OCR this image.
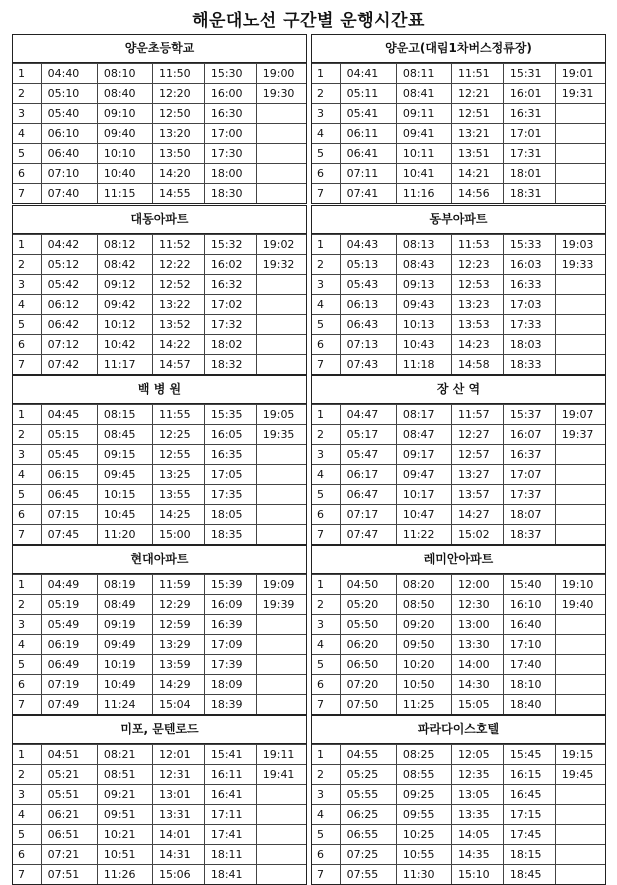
해운대노선 구간별 운행시간표
양운초등학교
1	04:40	08:10	11:50	15:30	19:00
2	05:10	08:40	12:20	16:00	19:30
3	05:40	09:10	12:50	16:30	
4	06:10	09:40	13:20	17:00	
5	06:40	10:10	13:50	17:30	
6	07:10	10:40	14:20	18:00	
7	07:40	11:15	14:55	18:30	
양운고(대림1차버스정류장)
1	04:41	08:11	11:51	15:31	19:01
2	05:11	08:41	12:21	16:01	19:31
3	05:41	09:11	12:51	16:31	
4	06:11	09:41	13:21	17:01	
5	06:41	10:11	13:51	17:31	
6	07:11	10:41	14:21	18:01	
7	07:41	11:16	14:56	18:31	
대동아파트
1	04:42	08:12	11:52	15:32	19:02
2	05:12	08:42	12:22	16:02	19:32
3	05:42	09:12	12:52	16:32	
4	06:12	09:42	13:22	17:02	
5	06:42	10:12	13:52	17:32	
6	07:12	10:42	14:22	18:02	
7	07:42	11:17	14:57	18:32	
동부아파트
1	04:43	08:13	11:53	15:33	19:03
2	05:13	08:43	12:23	16:03	19:33
3	05:43	09:13	12:53	16:33	
4	06:13	09:43	13:23	17:03	
5	06:43	10:13	13:53	17:33	
6	07:13	10:43	14:23	18:03	
7	07:43	11:18	14:58	18:33	
백 병 원
1	04:45	08:15	11:55	15:35	19:05
2	05:15	08:45	12:25	16:05	19:35
3	05:45	09:15	12:55	16:35	
4	06:15	09:45	13:25	17:05	
5	06:45	10:15	13:55	17:35	
6	07:15	10:45	14:25	18:05	
7	07:45	11:20	15:00	18:35	
장 산 역
1	04:47	08:17	11:57	15:37	19:07
2	05:17	08:47	12:27	16:07	19:37
3	05:47	09:17	12:57	16:37	
4	06:17	09:47	13:27	17:07	
5	06:47	10:17	13:57	17:37	
6	07:17	10:47	14:27	18:07	
7	07:47	11:22	15:02	18:37	
현대아파트
1	04:49	08:19	11:59	15:39	19:09
2	05:19	08:49	12:29	16:09	19:39
3	05:49	09:19	12:59	16:39	
4	06:19	09:49	13:29	17:09	
5	06:49	10:19	13:59	17:39	
6	07:19	10:49	14:29	18:09	
7	07:49	11:24	15:04	18:39	
레미안아파트
1	04:50	08:20	12:00	15:40	19:10
2	05:20	08:50	12:30	16:10	19:40
3	05:50	09:20	13:00	16:40	
4	06:20	09:50	13:30	17:10	
5	06:50	10:20	14:00	17:40	
6	07:20	10:50	14:30	18:10	
7	07:50	11:25	15:05	18:40	
미포, 문텐로드
1	04:51	08:21	12:01	15:41	19:11
2	05:21	08:51	12:31	16:11	19:41
3	05:51	09:21	13:01	16:41	
4	06:21	09:51	13:31	17:11	
5	06:51	10:21	14:01	17:41	
6	07:21	10:51	14:31	18:11	
7	07:51	11:26	15:06	18:41	
파라다이스호텔
1	04:55	08:25	12:05	15:45	19:15
2	05:25	08:55	12:35	16:15	19:45
3	05:55	09:25	13:05	16:45	
4	06:25	09:55	13:35	17:15	
5	06:55	10:25	14:05	17:45	
6	07:25	10:55	14:35	18:15	
7	07:55	11:30	15:10	18:45	
